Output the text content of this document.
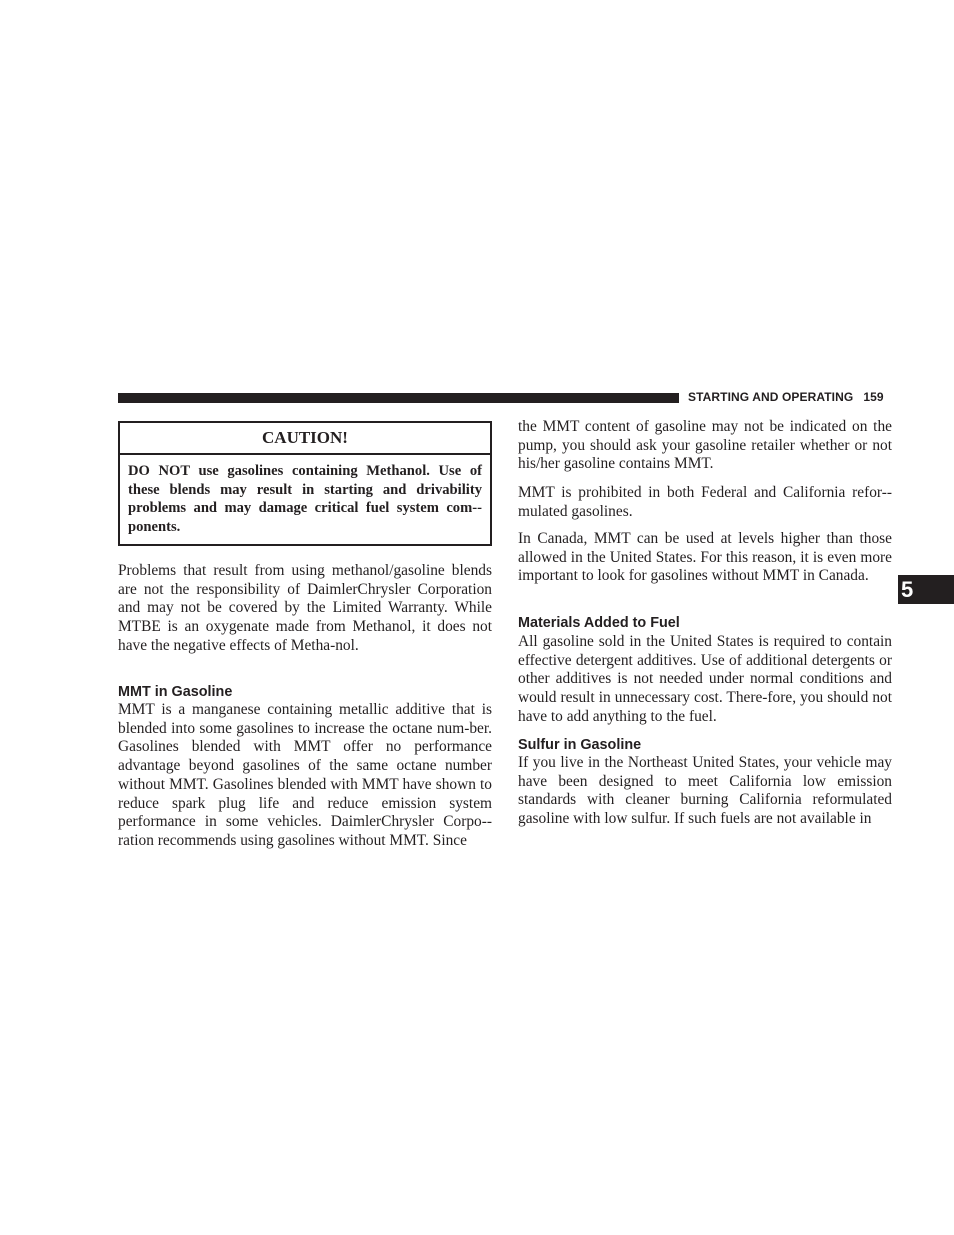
STARTING AND OPERATING 159
5
CAUTION!
DO NOT use gasolines containing Methanol. Use of these blends may result in starting and drivability problems and may damage critical fuel system com-ponents.

Problems that result from using methanol/gasoline blends are not the responsibility of DaimlerChrysler Corporation and may not be covered by the Limited Warranty. While MTBE is an oxygenate made from Methanol, it does not have the negative effects of Metha-nol.

MMT in Gasoline

MMT is a manganese containing metallic additive that is blended into some gasolines to increase the octane num-ber. Gasolines blended with MMT offer no performance advantage beyond gasolines of the same octane number without MMT. Gasolines blended with MMT have shown to reduce spark plug life and reduce emission system performance in some vehicles. DaimlerChrysler Corpo-ration recommends using gasolines without MMT. Since

the MMT content of gasoline may not be indicated on the pump, you should ask your gasoline retailer whether or not his/her gasoline contains MMT.

MMT is prohibited in both Federal and California refor-mulated gasolines.

In Canada, MMT can be used at levels higher than those allowed in the United States. For this reason, it is even more important to look for gasolines without MMT in Canada.

Materials Added to Fuel

All gasoline sold in the United States is required to contain effective detergent additives. Use of additional detergents or other additives is not needed under normal conditions and would result in unnecessary cost. There-fore, you should not have to add anything to the fuel.

Sulfur in Gasoline

If you live in the Northeast United States, your vehicle may have been designed to meet California low emission standards with cleaner burning California reformulated gasoline with low sulfur. If such fuels are not available in
